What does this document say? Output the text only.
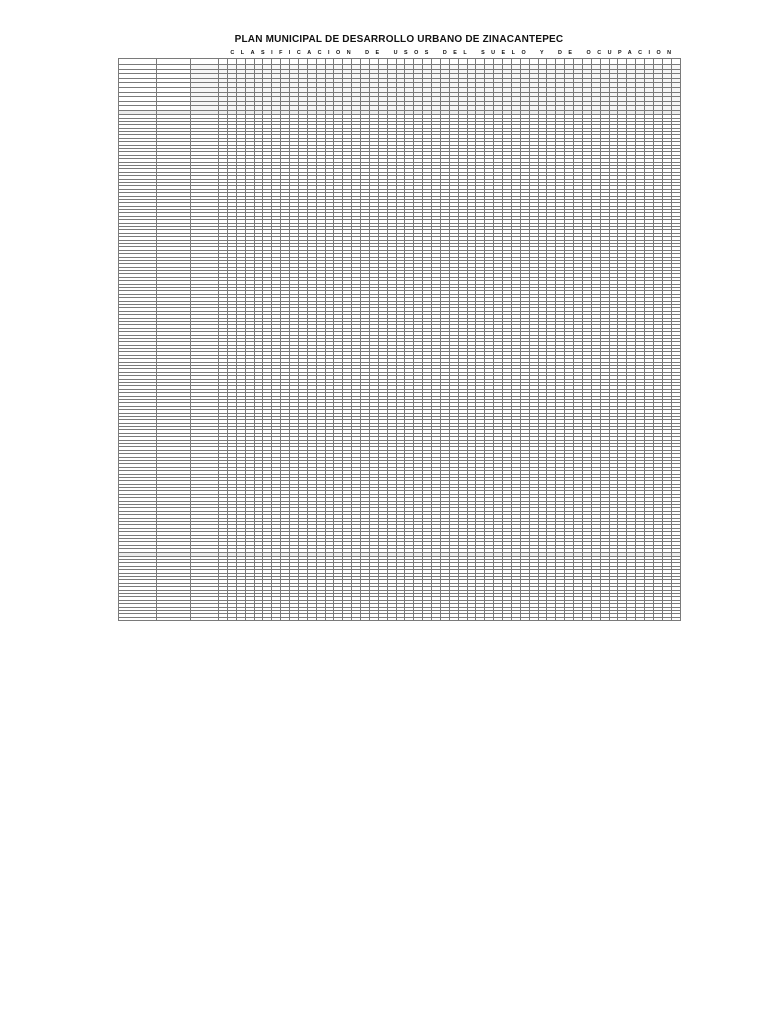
PLAN MUNICIPAL DE DESARROLLO URBANO DE ZINACANTEPEC
CLASIFICACION DE USOS DEL SUELO Y DE OCUPACION
